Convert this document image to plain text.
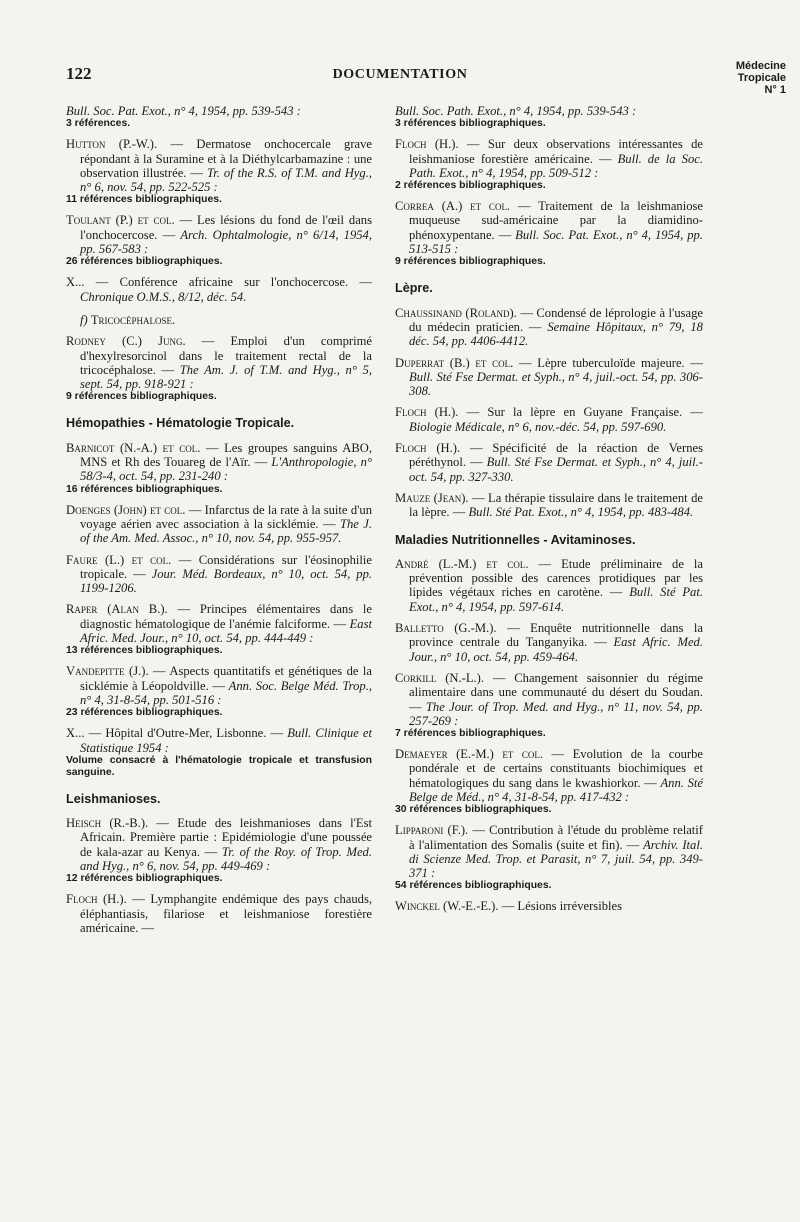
122	DOCUMENTATION
Médecine
Tropicale
N° 1
Bull. Soc. Pat. Exot., n° 4, 1954, pp. 539-543 :
3 références.
Hutton (P.-W.). — Dermatose onchocercale grave répondant à la Suramine et à la Diéthylcarbamazine : une observation illustrée. — Tr. of the R.S. of T.M. and Hyg., n° 6, nov. 54, pp. 522-525 :
11 références bibliographiques.
Toulant (P.) et col. — Les lésions du fond de l'œil dans l'onchocercose. — Arch. Ophtalmologie, n° 6/14, 1954, pp. 567-583 :
26 références bibliographiques.
X... — Conférence africaine sur l'onchocercose. — Chronique O.M.S., 8/12, déc. 54.
f) Tricocéphalose.
Rodney (C.) Jung. — Emploi d'un comprimé d'hexylresorcinol dans le traitement rectal de la tricocéphalose. — The Am. J. of T.M. and Hyg., n° 5, sept. 54, pp. 918-921 :
9 références bibliographiques.
Hémopathies - Hématologie Tropicale.
Barnicot (N.-A.) et col. — Les groupes sanguins ABO, MNS et Rh des Touareg de l'Aïr. — L'Anthropologie, n° 58/3-4, oct. 54, pp. 231-240 :
16 références bibliographiques.
Doenges (John) et col. — Infarctus de la rate à la suite d'un voyage aérien avec association à la sicklémie. — The J. of the Am. Med. Assoc., n° 10, nov. 54, pp. 955-957.
Faure (L.) et col. — Considérations sur l'éosinophilie tropicale. — Jour. Méd. Bordeaux, n° 10, oct. 54, pp. 1199-1206.
Raper (Alan B.). — Principes élémentaires dans le diagnostic hématologique de l'anémie falciforme. — East Afric. Med. Jour., n° 10, oct. 54, pp. 444-449 :
13 références bibliographiques.
Vandepitte (J.). — Aspects quantitatifs et génétiques de la sicklémie à Léopoldville. — Ann. Soc. Belge Méd. Trop., n° 4, 31-8-54, pp. 501-516 :
23 références bibliographiques.
X... — Hôpital d'Outre-Mer, Lisbonne. — Bull. Clinique et Statistique 1954 :
Volume consacré à l'hématologie tropicale et transfusion sanguine.
Leishmanioses.
Heisch (R.-B.). — Etude des leishmanioses dans l'Est Africain. Première partie : Epidémiologie d'une poussée de kala-azar au Kenya. — Tr. of the Roy. of Trop. Med. and Hyg., n° 6, nov. 54, pp. 449-469 :
12 références bibliographiques.
Floch (H.). — Lymphangite endémique des pays chauds, éléphantiasis, filariose et leishmaniose forestière américaine. —
Bull. Soc. Path. Exot., n° 4, 1954, pp. 539-543 :
3 références bibliographiques.
Floch (H.). — Sur deux observations intéressantes de leishmaniose forestière américaine. — Bull. de la Soc. Path. Exot., n° 4, 1954, pp. 509-512 :
2 références bibliographiques.
Correa (A.) et col. — Traitement de la leishmaniose muqueuse sud-américaine par la diamidino-phénoxypentane. — Bull. Soc. Pat. Exot., n° 4, 1954, pp. 513-515 :
9 références bibliographiques.
Lèpre.
Chaussinand (Roland). — Condensé de léprologie à l'usage du médecin praticien. — Semaine Hôpitaux, n° 79, 18 déc. 54, pp. 4406-4412.
Duperrat (B.) et col. — Lèpre tuberculoïde majeure. — Bull. Sté Fse Dermat. et Syph., n° 4, juil.-oct. 54, pp. 306-308.
Floch (H.). — Sur la lèpre en Guyane Française. — Biologie Médicale, n° 6, nov.-déc. 54, pp. 597-690.
Floch (H.). — Spécificité de la réaction de Vernes péréthynol. — Bull. Sté Fse Dermat. et Syph., n° 4, juil.-oct. 54, pp. 327-330.
Mauze (Jean). — La thérapie tissulaire dans le traitement de la lèpre. — Bull. Sté Pat. Exot., n° 4, 1954, pp. 483-484.
Maladies Nutritionnelles - Avitaminoses.
André (L.-M.) et col. — Etude préliminaire de la prévention possible des carences protidiques par les lipides végétaux riches en carotène. — Bull. Sté Pat. Exot., n° 4, 1954, pp. 597-614.
Balletto (G.-M.). — Enquête nutritionnelle dans la province centrale du Tanganyika. — East Afric. Med. Jour., n° 10, oct. 54, pp. 459-464.
Corkill (N.-L.). — Changement saisonnier du régime alimentaire dans une communauté du désert du Soudan. — The Jour. of Trop. Med. and Hyg., n° 11, nov. 54, pp. 257-269 :
7 références bibliographiques.
Demaeyer (E.-M.) et col. — Evolution de la courbe pondérale et de certains constituants biochimiques et hématologiques du sang dans le kwashiorkor. — Ann. Sté Belge de Méd., n° 4, 31-8-54, pp. 417-432 :
30 références bibliographiques.
Lipparoni (F.). — Contribution à l'étude du problème relatif à l'alimentation des Somalis (suite et fin). — Archiv. Ital. di Scienze Med. Trop. et Parasit, n° 7, juil. 54, pp. 349-371 :
54 références bibliographiques.
Winckel (W.-E.-E.). — Lésions irréversibles
